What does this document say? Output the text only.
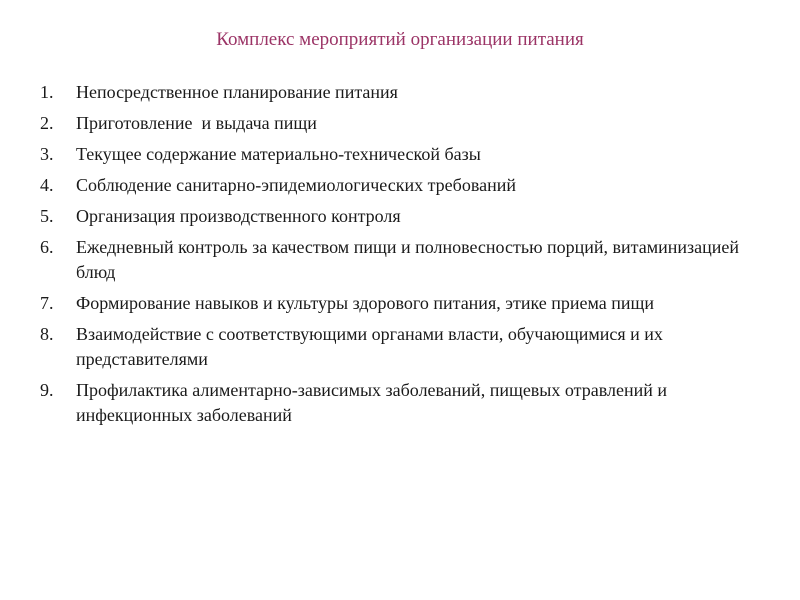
Комплекс мероприятий организации питания
1.	Непосредственное планирование питания
2.	Приготовление  и выдача пищи
3.	Текущее содержание материально-технической базы
4.	Соблюдение санитарно-эпидемиологических требований
5.	Организация производственного контроля
6.	Ежедневный контроль за качеством пищи и полновесностью порций, витаминизацией блюд
7.	Формирование навыков и культуры здорового питания, этике приема пищи
8.	Взаимодействие с соответствующими органами власти, обучающимися и их представителями
9.	Профилактика алиментарно-зависимых заболеваний, пищевых отравлений и инфекционных заболеваний
